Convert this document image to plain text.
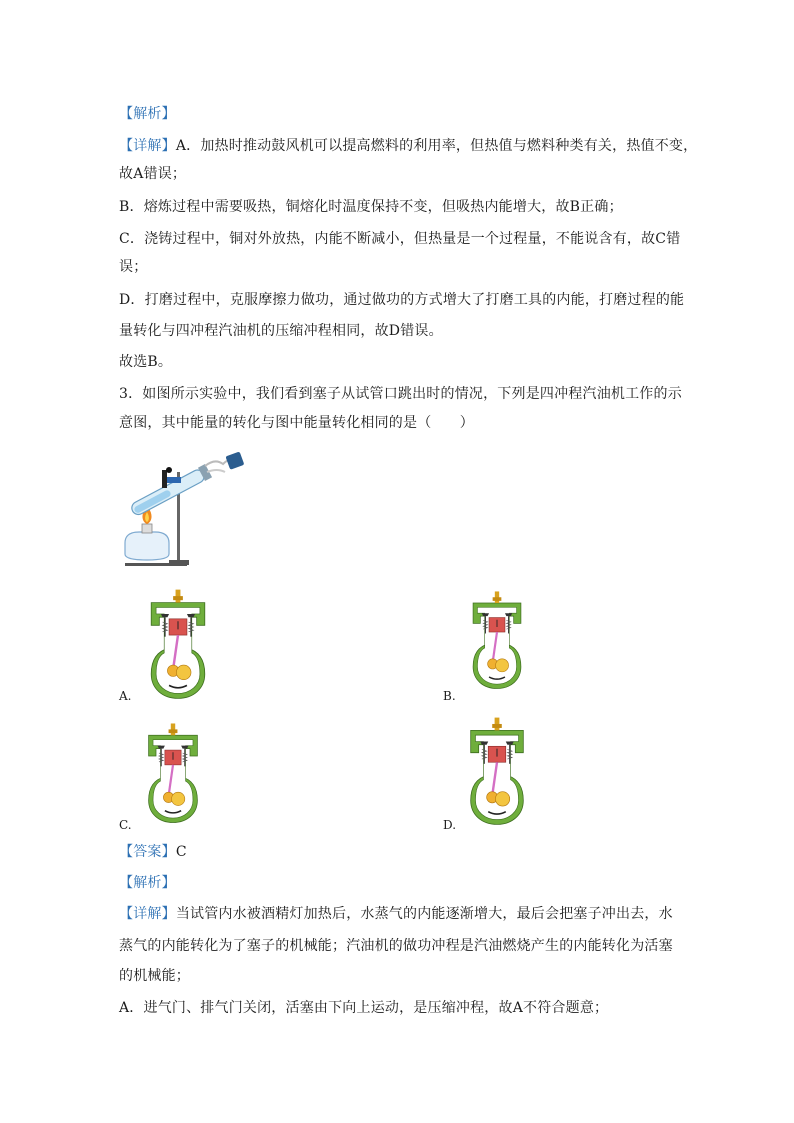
【解析】
【详解】A．加热时推动鼓风机可以提高燃料的利用率，但热值与燃料种类有关，热值不变，
故A错误；
B．熔炼过程中需要吸热，铜熔化时温度保持不变，但吸热内能增大，故B正确；
C．浇铸过程中，铜对外放热，内能不断减小，但热量是一个过程量，不能说含有，故C错
误；
D．打磨过程中，克服摩擦力做功，通过做功的方式增大了打磨工具的内能，打磨过程的能
量转化与四冲程汽油机的压缩冲程相同，故D错误。
故选B。
3．如图所示实验中，我们看到塞子从试管口跳出时的情况，下列是四冲程汽油机工作的示
意图，其中能量的转化与图中能量转化相同的是（　　）
A.	B.
C.	D.
【答案】C
【解析】
【详解】当试管内水被酒精灯加热后，水蒸气的内能逐渐增大，最后会把塞子冲出去，水
蒸气的内能转化为了塞子的机械能；汽油机的做功冲程是汽油燃烧产生的内能转化为活塞
的机械能；
A．进气门、排气门关闭，活塞由下向上运动，是压缩冲程，故A不符合题意；
